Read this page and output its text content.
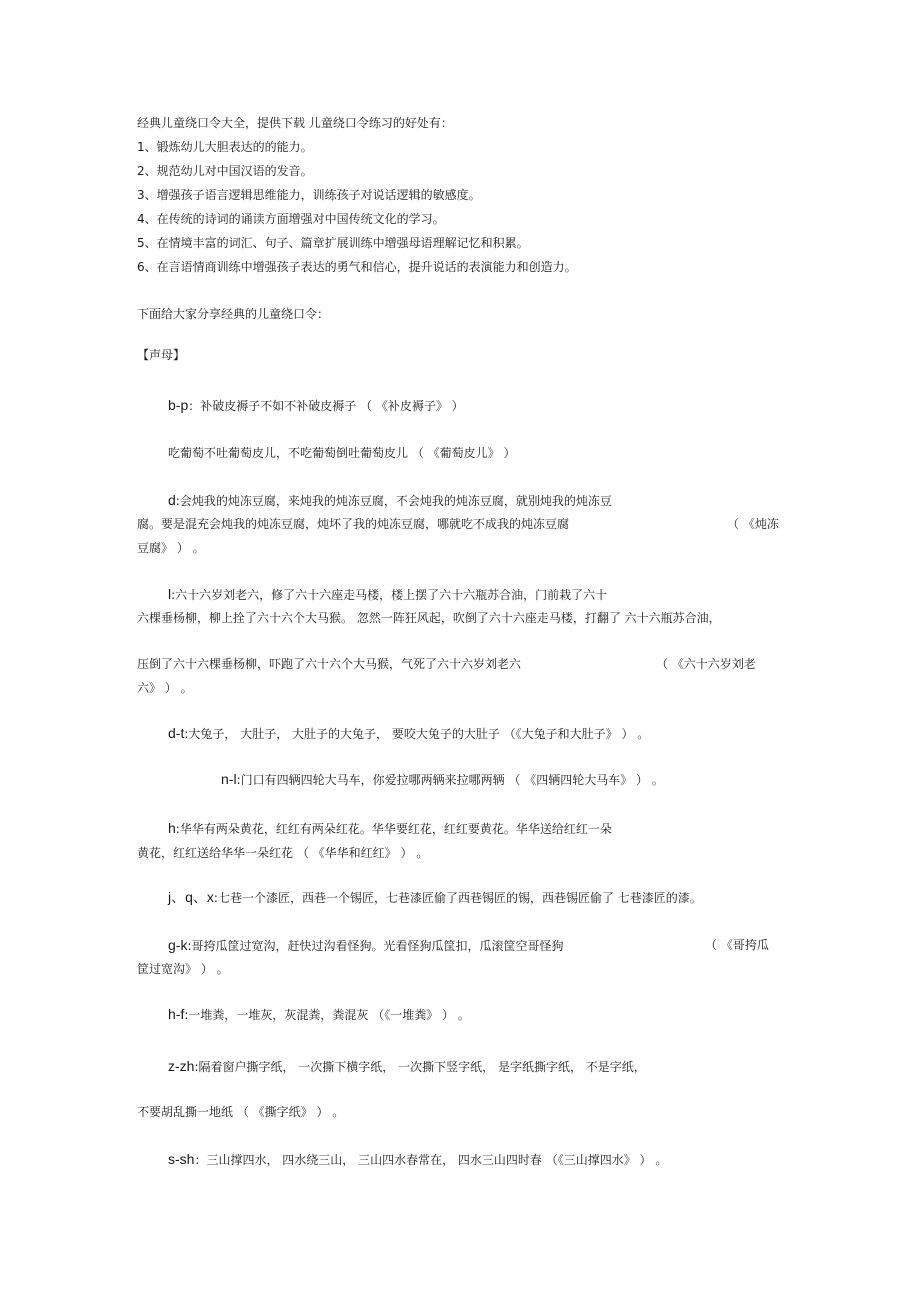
经典儿童绕口令大全，提供下载 儿童绕口令练习的好处有：
1、锻炼幼儿大胆表达的的能力。
2、规范幼儿对中国汉语的发音。
3、增强孩子语言逻辑思维能力，训练孩子对说话逻辑的敏感度。
4、在传统的诗词的诵读方面增强对中国传统文化的学习。
5、在情境丰富的词汇、句子、篇章扩展训练中增强母语理解记忆和积累。
6、在言语情商训练中增强孩子表达的勇气和信心，提升说话的表演能力和创造力。
下面给大家分享经典的儿童绕口令：
【声母】
b-p：补破皮褥子不如不补破皮褥子 （ 《补皮褥子》 ）
吃葡萄不吐葡萄皮儿，不吃葡萄倒吐葡萄皮儿 （ 《葡萄皮儿》 ）
d:会炖我的炖冻豆腐，来炖我的炖冻豆腐，不会炖我的炖冻豆腐，就别炖我的炖冻豆
腐。要是混充会炖我的炖冻豆腐，炖坏了我的炖冻豆腐，哪就吃不成我的炖冻豆腐	（ 《炖冻
豆腐》 ） 。
l:六十六岁刘老六，修了六十六座走马楼，楼上摆了六十六瓶苏合油，门前栽了六十
六棵垂杨柳，柳上拴了六十六个大马猴。 忽然一阵狂风起，吹倒了六十六座走马楼，打翻了 六十六瓶苏合油，
压倒了六十六棵垂杨柳，吓跑了六十六个大马猴，气死了六十六岁刘老六	（ 《六十六岁刘老
六》 ） 。
d-t:大兔子， 大肚子， 大肚子的大兔子， 要咬大兔子的大肚子 （《大兔子和大肚子》 ） 。
n-l:门口有四辆四轮大马车，你爱拉哪两辆来拉哪两辆 （ 《四辆四轮大马车》 ） 。
h:华华有两朵黄花，红红有两朵红花。华华要红花，红红要黄花。华华送给红红一朵
黄花，红红送给华华一朵红花 （ 《华华和红红》 ） 。
j、q、x:七巷一个漆匠，西巷一个锡匠，七巷漆匠偷了西巷锡匠的锡，西巷锡匠偷了 七巷漆匠的漆。
g-k:哥挎瓜筐过宽沟，赶快过沟看怪狗。光看怪狗瓜筐扣，瓜滚筐空哥怪狗	（ 《哥挎瓜
筐过宽沟》 ） 。
h-f:一堆粪，一堆灰，灰混粪，粪混灰 （《一堆粪》 ） 。
z-zh:隔着窗户撕字纸， 一次撕下横字纸， 一次撕下竖字纸， 是字纸撕字纸， 不是字纸，
不要胡乱撕一地纸 （ 《撕字纸》 ） 。
s-sh：三山撑四水， 四水绕三山， 三山四水春常在， 四水三山四时春 （《三山撑四水》 ） 。
